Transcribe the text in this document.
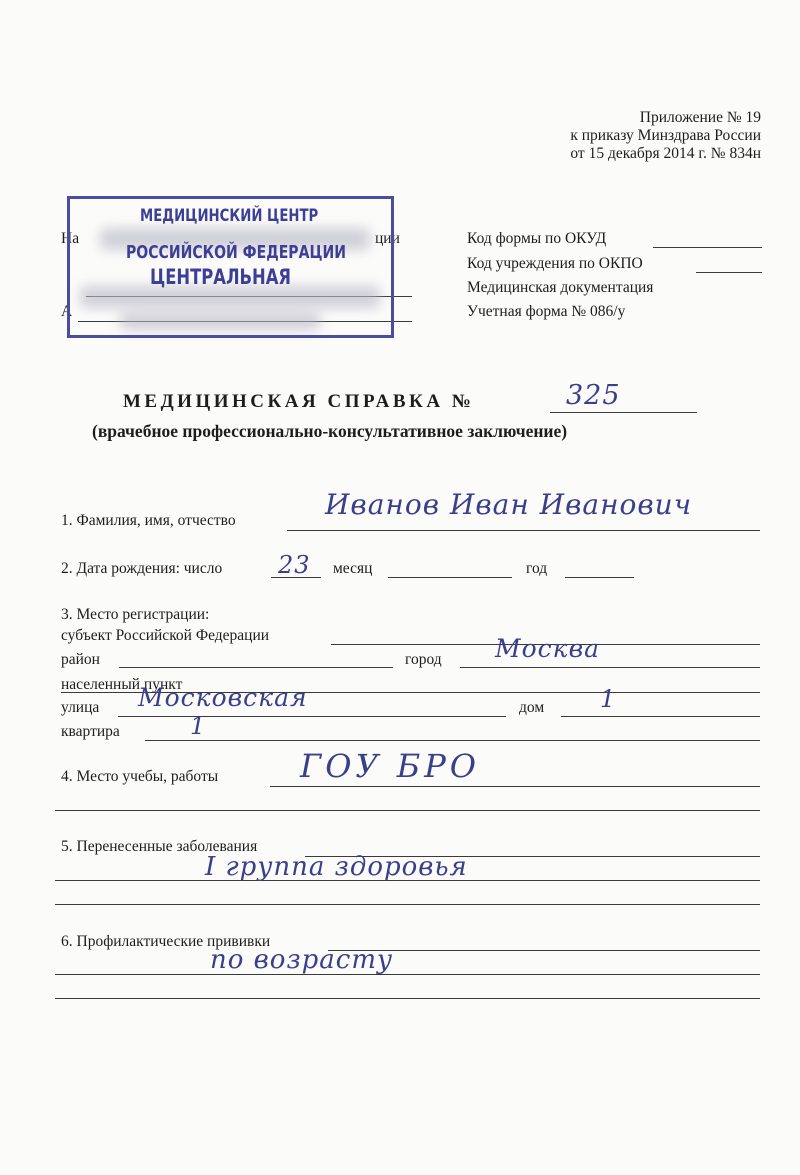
Приложение № 19
к приказу Минздрава России
от 15 декабря 2014 г. № 834н
На	ции
А
МЕДИЦИНСКИЙ ЦЕНТР
РОССИЙСКОЙ ФЕДЕРАЦИИ
ЦЕНТРАЛЬНАЯ
Код формы по ОКУД
Код учреждения по ОКПО
Медицинская документация
Учетная форма № 086/у
МЕДИЦИНСКАЯ СПРАВКА №	325
(врачебное профессионально-консультативное заключение)
1. Фамилия, имя, отчество	Иванов Иван Иванович
2. Дата рождения: число 23 месяц	год
3. Место регистрации:
субъект Российской Федерации
район	город Москва
населенный пункт
улица Московская	дом 1
квартира	1
4. Место учебы, работы	ГОУ БРО
5. Перенесенные заболевания
I группа здоровья
6. Профилактические прививки
по возрасту
